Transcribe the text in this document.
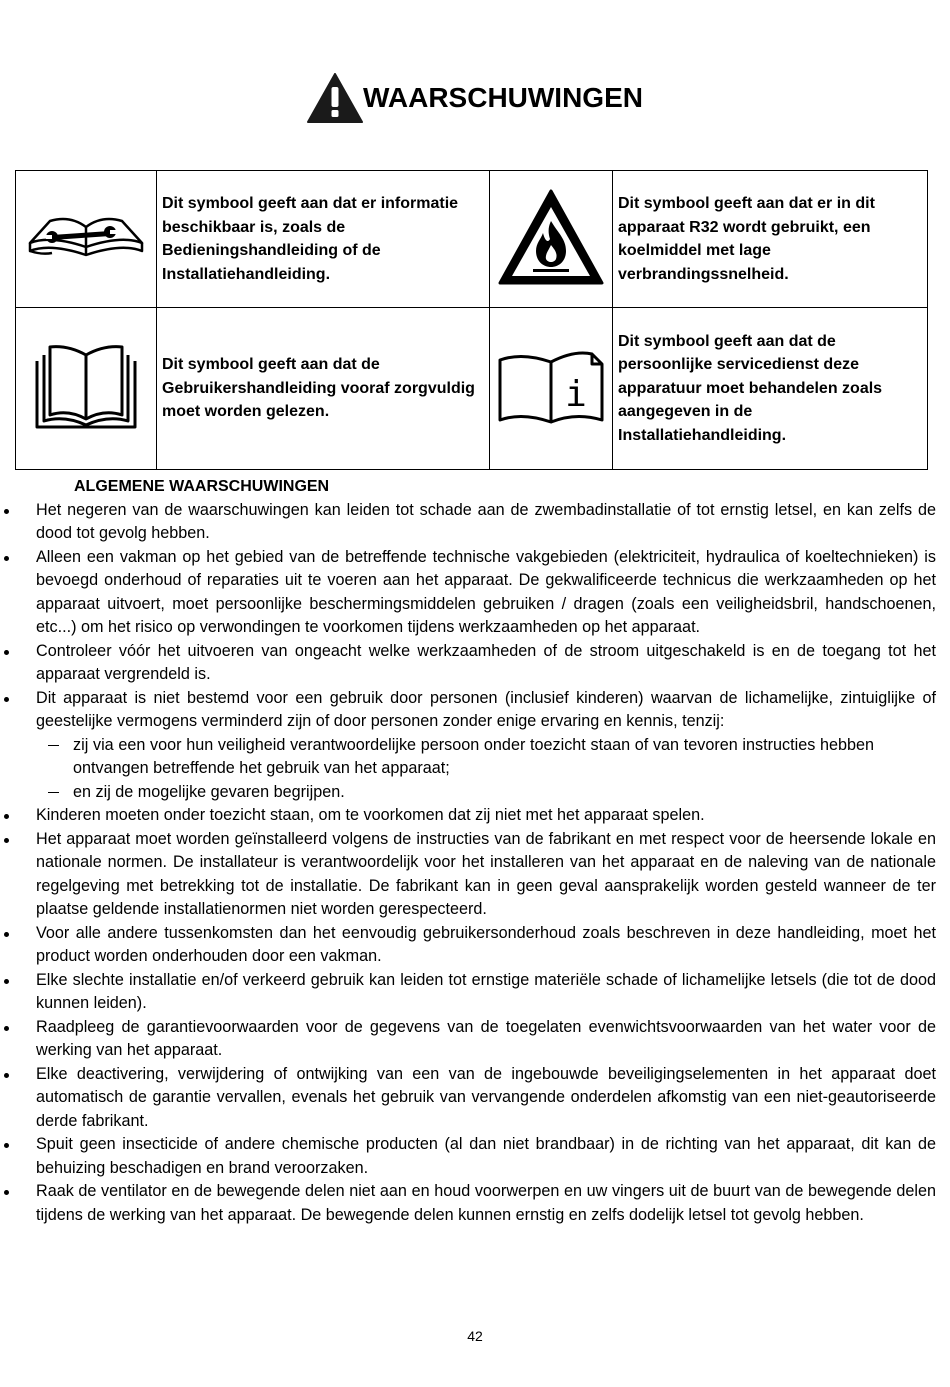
WAARSCHUWINGEN
	Dit symbool geeft aan dat er informatie beschikbaar is, zoals de Bedieningshandleiding of de Installatiehandleiding.		Dit symbool geeft aan dat er in dit apparaat R32 wordt gebruikt, een koelmiddel met lage verbrandingssnelheid.
	Dit symbool geeft aan dat de Gebruikershandleiding vooraf zorgvuldig moet worden gelezen.	i	Dit symbool geeft aan dat de persoonlijke servicedienst deze apparatuur moet behandelen zoals aangegeven in de Installatiehandleiding.
ALGEMENE WAARSCHUWINGEN
Het negeren van de waarschuwingen kan leiden tot schade aan de zwembadinstallatie of tot ernstig letsel, en kan zelfs de dood tot gevolg hebben.
Alleen een vakman op het gebied van de betreffende technische vakgebieden (elektriciteit, hydraulica of koeltechnieken) is bevoegd onderhoud of reparaties uit te voeren aan het apparaat. De gekwalificeerde technicus die werkzaamheden op het apparaat uitvoert, moet persoonlijke beschermingsmiddelen gebruiken / dragen (zoals een veiligheidsbril, handschoenen, etc...) om het risico op verwondingen te voorkomen tijdens werkzaamheden op het apparaat.
Controleer vóór het uitvoeren van ongeacht welke werkzaamheden of de stroom uitgeschakeld is en de toegang tot het apparaat vergrendeld is.
Dit apparaat is niet bestemd voor een gebruik door personen (inclusief kinderen) waarvan de lichamelijke, zintuiglijke of geestelijke vermogens verminderd zijn of door personen zonder enige ervaring en kennis, tenzij:
zij via een voor hun veiligheid verantwoordelijke persoon onder toezicht staan of van tevoren instructies hebben ontvangen betreffende het gebruik van het apparaat;
en zij de mogelijke gevaren begrijpen.
Kinderen moeten onder toezicht staan, om te voorkomen dat zij niet met het apparaat spelen.
Het apparaat moet worden geïnstalleerd volgens de instructies van de fabrikant en met respect voor de heersende lokale en nationale normen. De installateur is verantwoordelijk voor het installeren van het apparaat en de naleving van de nationale regelgeving met betrekking tot de installatie. De fabrikant kan in geen geval aansprakelijk worden gesteld wanneer de ter plaatse geldende installatienormen niet worden gerespecteerd.
Voor alle andere tussenkomsten dan het eenvoudig gebruikersonderhoud zoals beschreven in deze handleiding, moet het product worden onderhouden door een vakman.
Elke slechte installatie en/of verkeerd gebruik kan leiden tot ernstige materiële schade of lichamelijke letsels (die tot de dood kunnen leiden).
Raadpleeg de garantievoorwaarden voor de gegevens van de toegelaten evenwichtsvoorwaarden van het water voor de werking van het apparaat.
Elke deactivering, verwijdering of ontwijking van een van de ingebouwde beveiligingselementen in het apparaat doet automatisch de garantie vervallen, evenals het gebruik van vervangende onderdelen afkomstig van een niet-geautoriseerde derde fabrikant.
Spuit geen insecticide of andere chemische producten (al dan niet brandbaar) in de richting van het apparaat, dit kan de behuizing beschadigen en brand veroorzaken.
Raak de ventilator en de bewegende delen niet aan en houd voorwerpen en uw vingers uit de buurt van de bewegende delen tijdens de werking van het apparaat. De bewegende delen kunnen ernstig en zelfs dodelijk letsel tot gevolg hebben.
42
